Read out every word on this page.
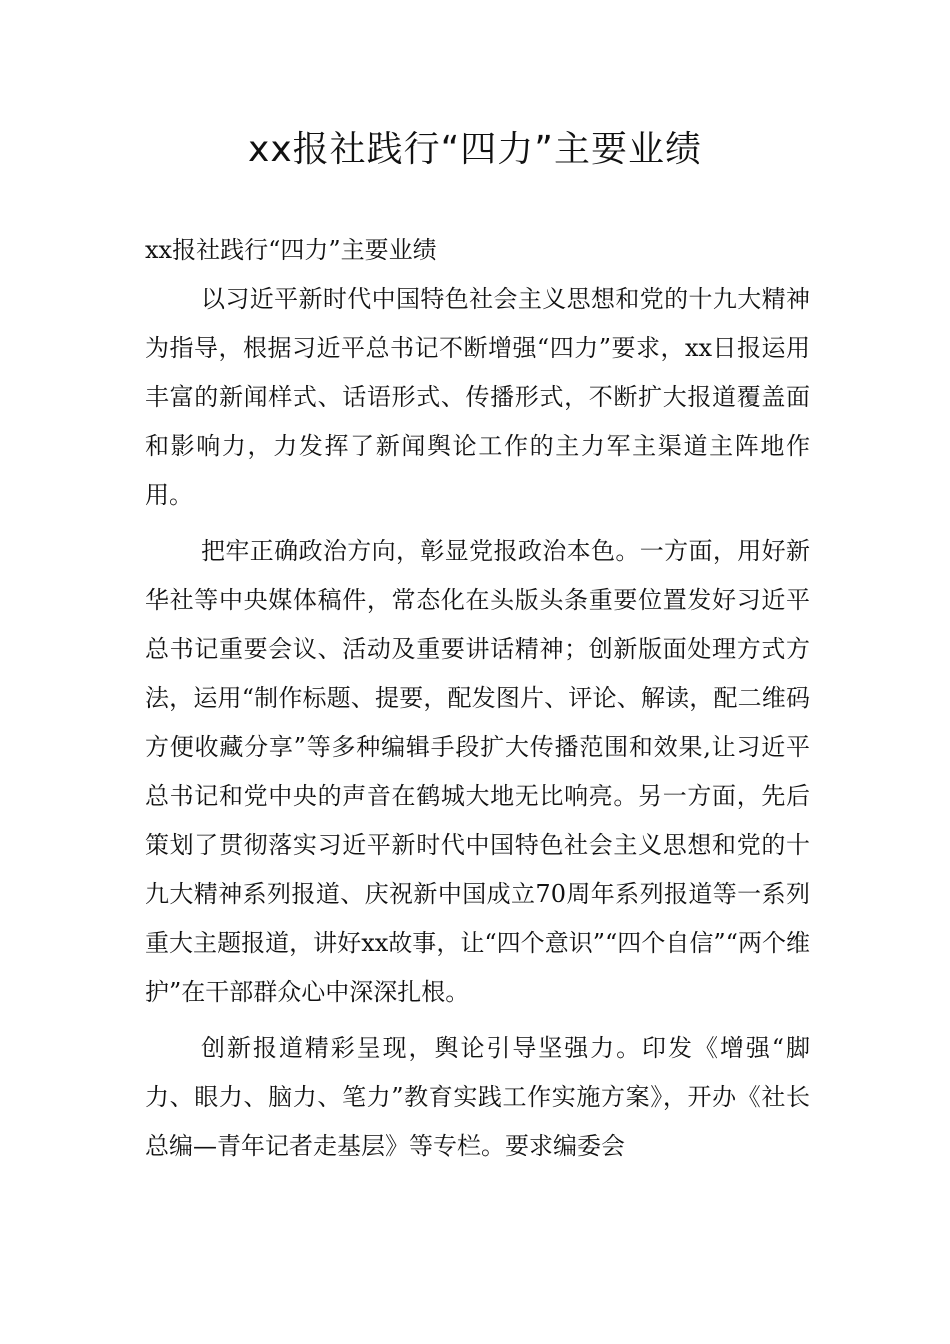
xx报社践行“四力”主要业绩

xx报社践行“四力”主要业绩

以习近平新时代中国特色社会主义思想和党的十九大精神为指导，根据习近平总书记不断增强“四力”要求，xx日报运用丰富的新闻样式、话语形式、传播形式，不断扩大报道覆盖面和影响力，力发挥了新闻舆论工作的主力军主渠道主阵地作用。

把牢正确政治方向，彰显党报政治本色。一方面，用好新华社等中央媒体稿件，常态化在头版头条重要位置发好习近平总书记重要会议、活动及重要讲话精神；创新版面处理方式方法，运用“制作标题、提要，配发图片、评论、解读，配二维码方便收藏分享”等多种编辑手段扩大传播范围和效果,让习近平总书记和党中央的声音在鹤城大地无比响亮。另一方面，先后策划了贯彻落实习近平新时代中国特色社会主义思想和党的十九大精神系列报道、庆祝新中国成立70周年系列报道等一系列重大主题报道，讲好xx故事，让“四个意识”“四个自信”“两个维护”在干部群众心中深深扎根。

创新报道精彩呈现，舆论引导坚强力。印发《增强“脚力、眼力、脑力、笔力”教育实践工作实施方案》，开办《社长总编—青年记者走基层》等专栏。要求编委会
